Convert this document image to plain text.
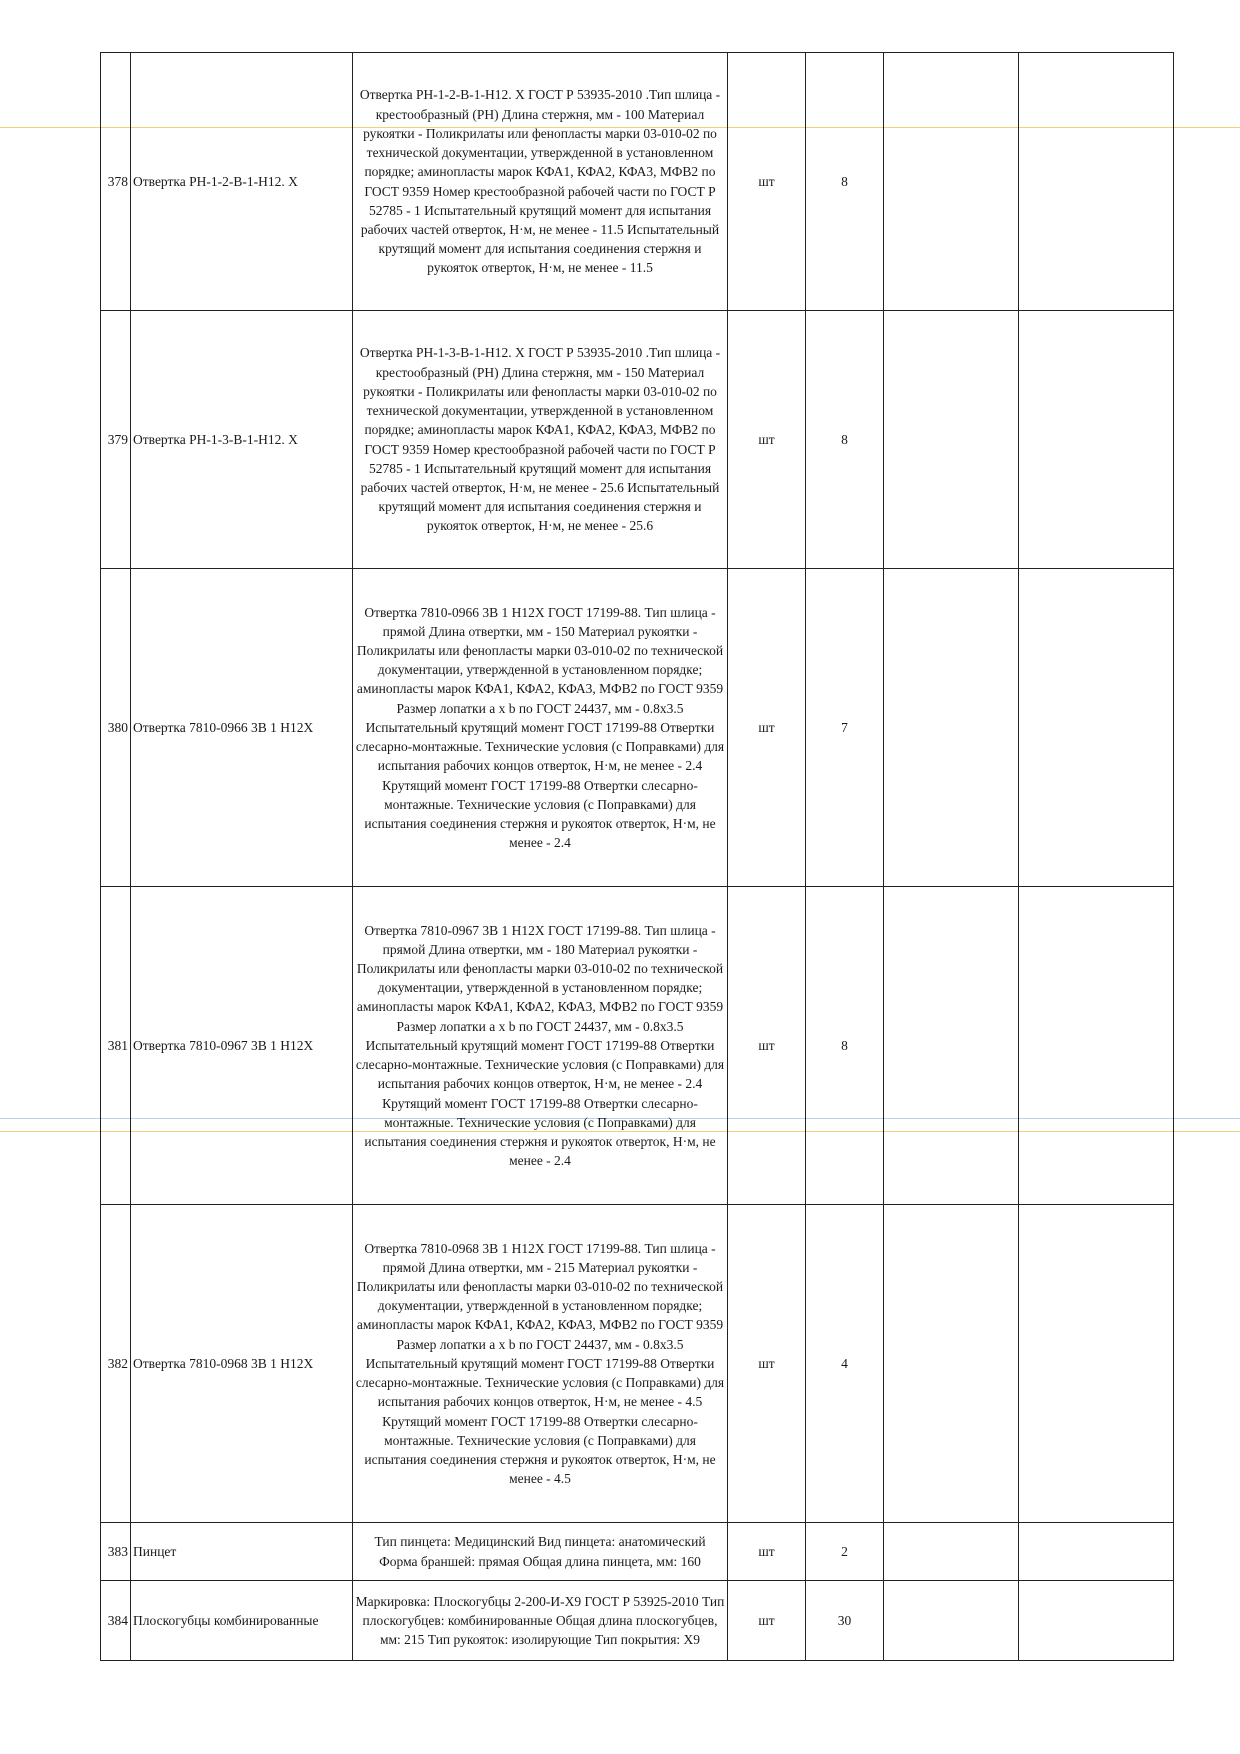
378	Отвертка PH-1-2-В-1-Н12. Х	Отвертка PH-1-2-В-1-Н12. Х ГОСТ Р 53935-2010 .Тип шлица - крестообразный (PH) Длина стержня, мм - 100 Материал рукоятки - Поликрилаты или фенопласты марки 03-010-02 по технической документации, утвержденной в установленном порядке; аминопласты марок КФА1, КФА2, КФА3, МФВ2 по ГОСТ 9359 Номер крестообразной рабочей части по ГОСТ Р 52785 - 1 Испытательный крутящий момент для испытания рабочих частей отверток, Н·м, не менее - 11.5 Испытательный крутящий момент для испытания соединения стержня и рукояток отверток, Н·м, не менее - 11.5	шт	8		
379	Отвертка PH-1-3-В-1-Н12. Х	Отвертка PH-1-3-В-1-Н12. Х ГОСТ Р 53935-2010 .Тип шлица - крестообразный (PH) Длина стержня, мм - 150 Материал рукоятки - Поликрилаты или фенопласты марки 03-010-02 по технической документации, утвержденной в установленном порядке; аминопласты марок КФА1, КФА2, КФА3, МФВ2 по ГОСТ 9359 Номер крестообразной рабочей части по ГОСТ Р 52785 - 1 Испытательный крутящий момент для испытания рабочих частей отверток, Н·м, не менее - 25.6 Испытательный крутящий момент для испытания соединения стержня и рукояток отверток, Н·м, не менее - 25.6	шт	8		
380	Отвертка 7810-0966 3В 1 Н12Х	Отвертка 7810-0966 3В 1 Н12Х ГОСТ 17199-88. Тип шлица - прямой Длина отвертки, мм - 150 Материал рукоятки - Поликрилаты или фенопласты марки 03-010-02 по технической документации, утвержденной в установленном порядке; аминопласты марок КФА1, КФА2, КФА3, МФВ2 по ГОСТ 9359 Размер лопатки a x b по ГОСТ 24437, мм - 0.8x3.5 Испытательный крутящий момент ГОСТ 17199-88 Отвертки слесарно-монтажные. Технические условия (с Поправками) для испытания рабочих концов отверток, Н·м, не менее - 2.4 Крутящий момент ГОСТ 17199-88 Отвертки слесарно-монтажные. Технические условия (с Поправками) для испытания соединения стержня и рукояток отверток, Н·м, не менее - 2.4	шт	7		
381	Отвертка 7810-0967 3В 1 Н12Х	Отвертка 7810-0967 3В 1 Н12Х ГОСТ 17199-88. Тип шлица - прямой Длина отвертки, мм - 180 Материал рукоятки - Поликрилаты или фенопласты марки 03-010-02 по технической документации, утвержденной в установленном порядке; аминопласты марок КФА1, КФА2, КФА3, МФВ2 по ГОСТ 9359 Размер лопатки a x b по ГОСТ 24437, мм - 0.8x3.5 Испытательный крутящий момент ГОСТ 17199-88 Отвертки слесарно-монтажные. Технические условия (с Поправками) для испытания рабочих концов отверток, Н·м, не менее - 2.4 Крутящий момент ГОСТ 17199-88 Отвертки слесарно-монтажные. Технические условия (с Поправками) для испытания соединения стержня и рукояток отверток, Н·м, не менее - 2.4	шт	8		
382	Отвертка 7810-0968 3В 1 Н12Х	Отвертка 7810-0968 3В 1 Н12Х ГОСТ 17199-88. Тип шлица - прямой Длина отвертки, мм - 215 Материал рукоятки - Поликрилаты или фенопласты марки 03-010-02 по технической документации, утвержденной в установленном порядке; аминопласты марок КФА1, КФА2, КФА3, МФВ2 по ГОСТ 9359 Размер лопатки a x b по ГОСТ 24437, мм - 0.8x3.5 Испытательный крутящий момент ГОСТ 17199-88 Отвертки слесарно-монтажные. Технические условия (с Поправками) для испытания рабочих концов отверток, Н·м, не менее - 4.5 Крутящий момент ГОСТ 17199-88 Отвертки слесарно-монтажные. Технические условия (с Поправками) для испытания соединения стержня и рукояток отверток, Н·м, не менее - 4.5	шт	4		
383	Пинцет	Тип пинцета: Медицинский Вид пинцета: анатомический Форма браншей: прямая Общая длина пинцета, мм: 160	шт	2		
384	Плоскогубцы комбинированные	Маркировка: Плоскогубцы 2-200-И-Х9 ГОСТ Р 53925-2010 Тип плоскогубцев: комбинированные Общая длина плоскогубцев, мм: 215 Тип рукояток: изолирующие Тип покрытия: Х9	шт	30		
